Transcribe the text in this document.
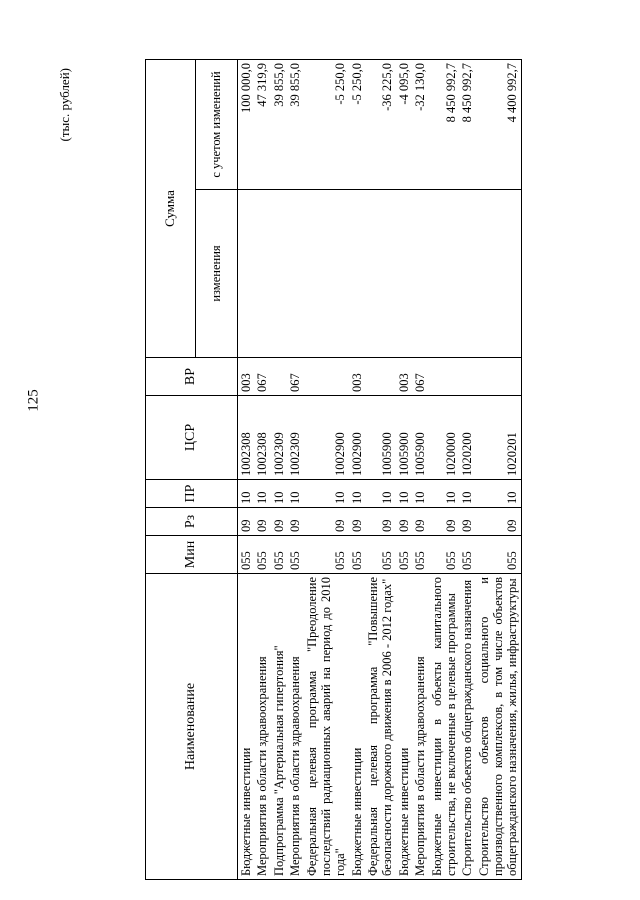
125
(тыс. рублей)
Наименование	Мин	Рз	ПР	ЦСР	ВР	Сумма	
						изменения	с учетом изменений
Бюджетные инвестиции	055	09	10	1002308	003		100 000,0
Мероприятия в области здравоохранения	055	09	10	1002308	067		47 319,9
Подпрограмма "Артериальная гипертония"	055	09	10	1002309			39 855,0
Мероприятия в области здравоохранения	055	09	10	1002309	067		39 855,0
Федеральная целевая программа "Преодоление последствий радиационных аварий на период до 2010 года"	055	09	10	1002900			-5 250,0
Бюджетные инвестиции	055	09	10	1002900	003		-5 250,0
Федеральная целевая программа "Повышение безопасности дорожного движения в 2006 - 2012 годах"	055	09	10	1005900			-36 225,0
Бюджетные инвестиции	055	09	10	1005900	003		-4 095,0
Мероприятия в области здравоохранения	055	09	10	1005900	067		-32 130,0
Бюджетные инвестиции в объекты капитального строительства, не включенные в целевые программы	055	09	10	1020000			8 450 992,7
Строительство объектов общегражданского назначения	055	09	10	1020200			8 450 992,7
Строительство объектов социального и производственного комплексов, в том числе объектов общегражданского назначения, жилья, инфраструктуры	055	09	10	1020201			4 400 992,7
